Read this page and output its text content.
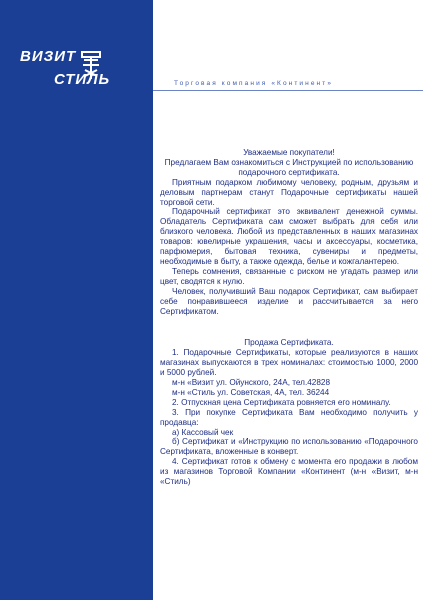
ВИЗИТ
СТИЛЬ	Торговая компания «Континент»

Уважаемые покупатели!

Предлагаем Вам ознакомиться с Инструкцией по использованию подарочного сертификата.

Приятным подарком любимому человеку, родным, друзьям и деловым партнерам станут Подарочные сертификаты нашей торговой сети.

Подарочный сертификат это эквивалент денежной суммы. Обладатель Сертификата сам сможет выбрать для себя или близкого человека. Любой из представленных в наших магазинах товаров: ювелирные украшения, часы и аксессуары, косметика, парфюмерия, бытовая техника, сувениры и предметы, необходимые в быту, а также одежда, белье и кожгалантерею.

Теперь сомнения, связанные с риском не угадать размер или цвет, сводятся к нулю.

Человек, получивший Ваш подарок Сертификат, сам выбирает себе понравившееся изделие и рассчитывается за него Сертификатом.

Продажа Сертификата.

1. Подарочные Сертификаты, которые реализуются в наших магазинах выпускаются в трех номиналах: стоимостью 1000, 2000 и 5000 рублей.

м-н «Визит ул. Ойунского, 24А, тел.42828

м-н «Стиль ул. Советская, 4А, тел. 36244

2. Отпускная цена Сертификата ровняется его номиналу.

3. При покупке Сертификата Вам необходимо получить у продавца:

а) Кассовый чек

б) Сертификат и «Инструкцию по использованию «Подарочного Сертификата, вложенные в конверт.

4. Сертификат готов к обмену с момента его продажи в любом из магазинов Торговой Компании «Континент (м-н «Визит, м-н «Стиль)
